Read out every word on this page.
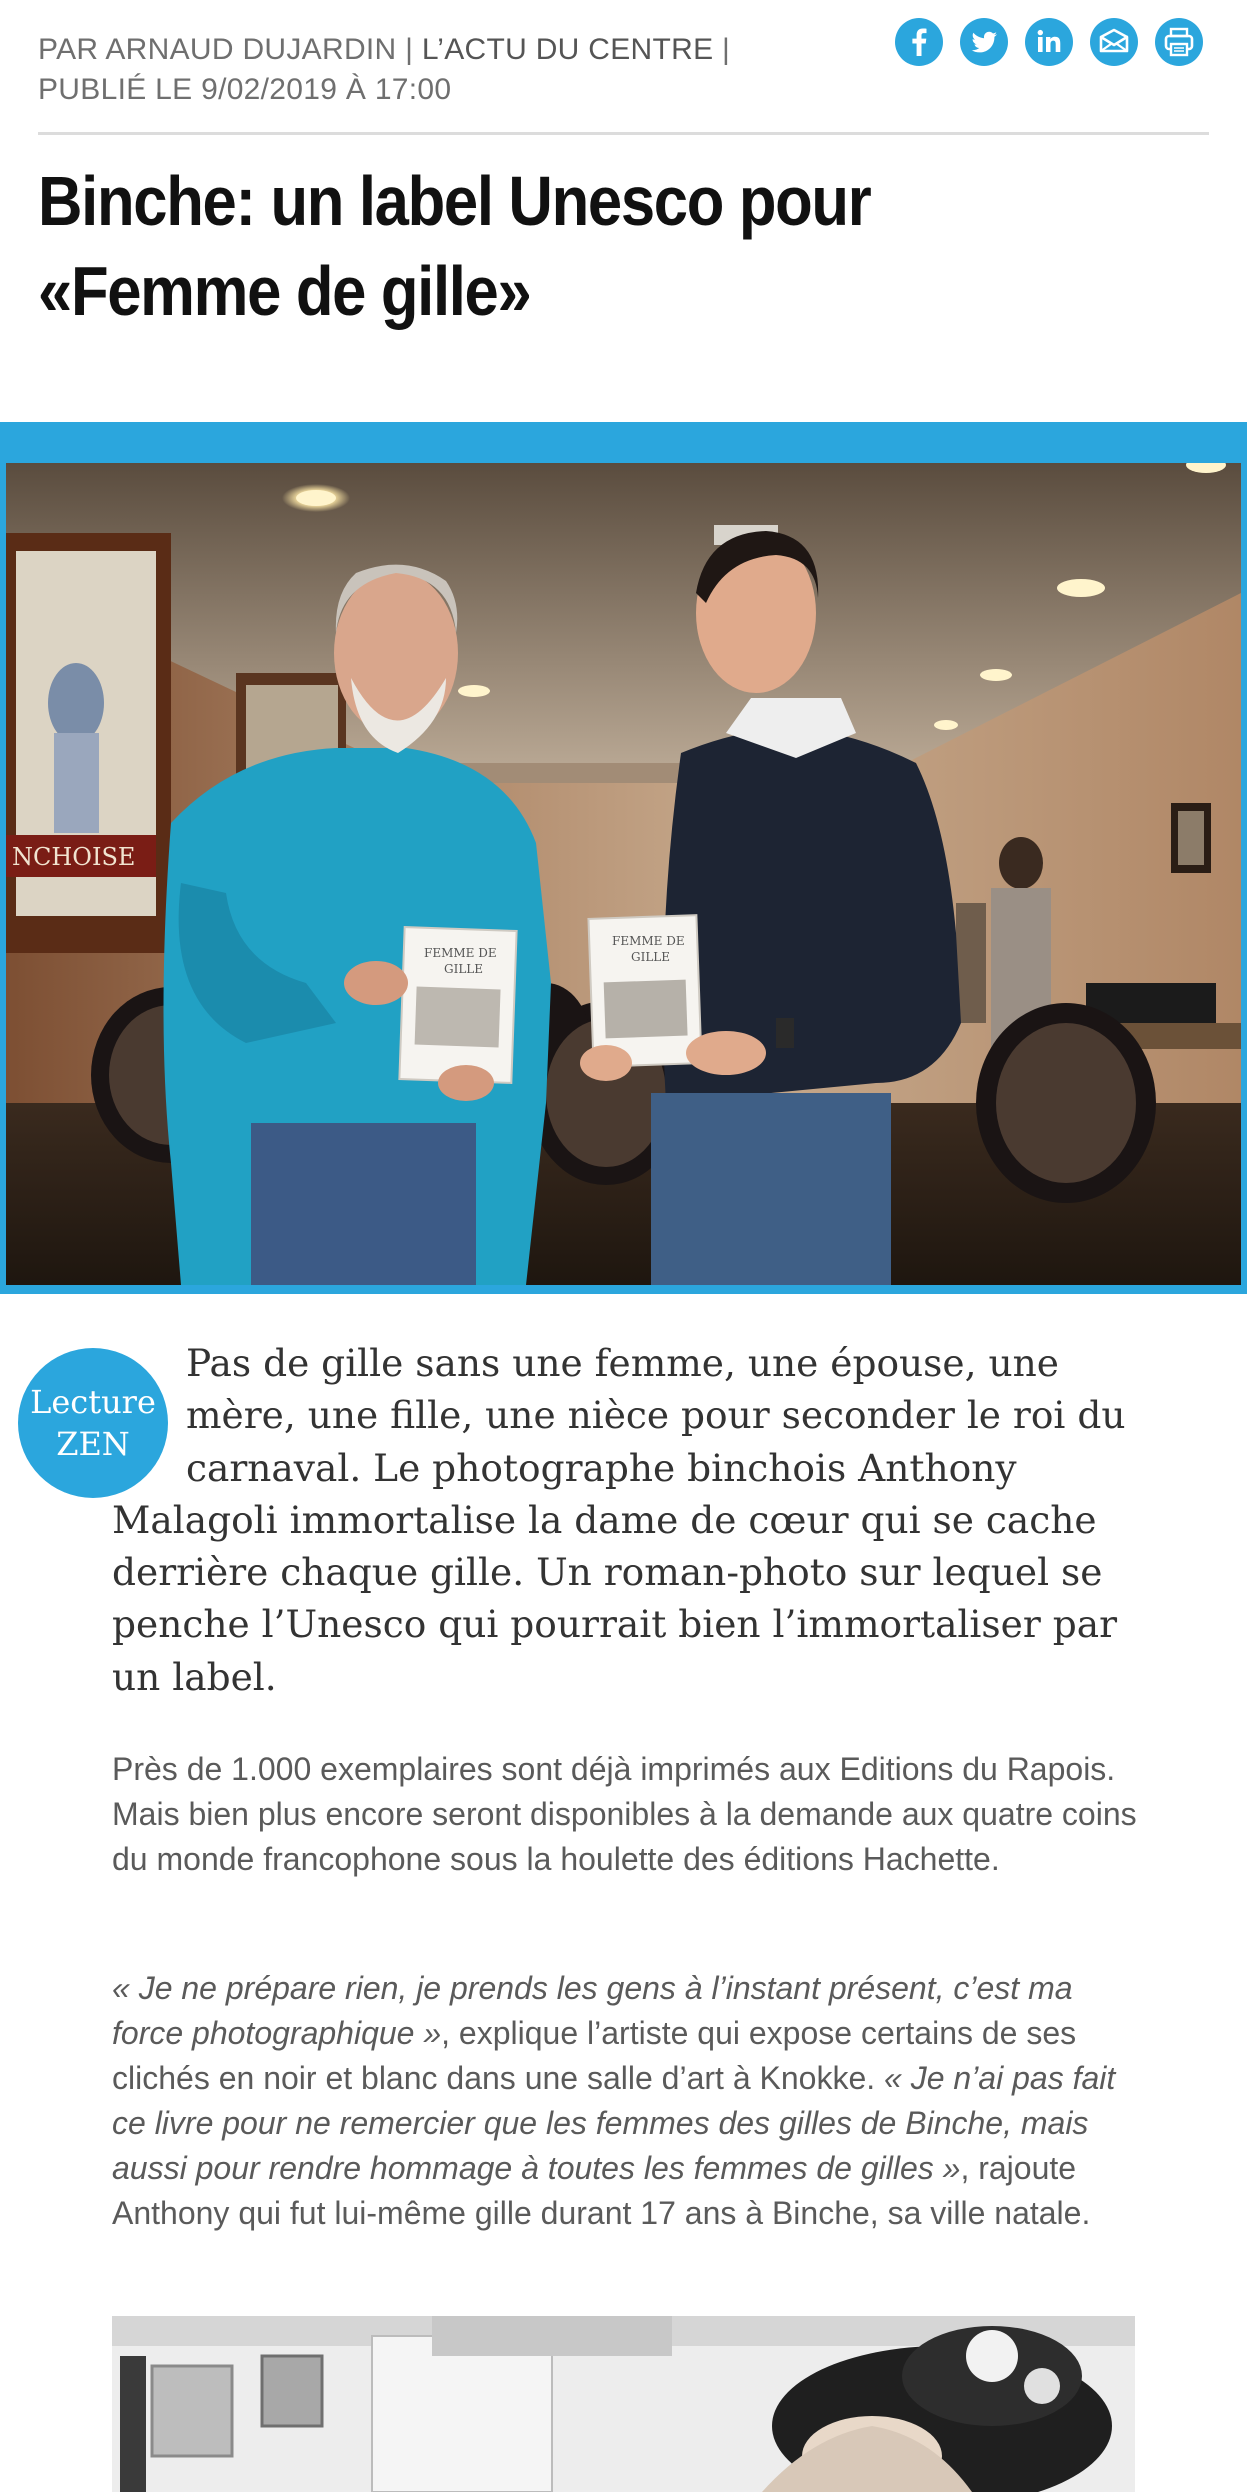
PAR ARNAUD DUJARDIN | L’ACTU DU CENTRE |
PUBLIÉ LE 9/02/2019 À 17:00
Binche: un label Unesco pour
«Femme de gille»
NCHOISE
FEMME DE
GILLE
FEMME DE
GILLE
Lecture
ZEN

Pas de gille sans une femme, une épouse, une mère, une fille, une nièce pour seconder le roi du carnaval. Le photographe binchois Anthony Malagoli immortalise la dame de cœur qui se cache derrière chaque gille. Un roman-photo sur lequel se penche l’Unesco qui pourrait bien l’immortaliser par un label.

Près de 1.000 exemplaires sont déjà imprimés aux Editions du Rapois. Mais bien plus encore seront disponibles à la demande aux quatre coins du monde francophone sous la houlette des éditions Hachette.

« Je ne prépare rien, je prends les gens à l’instant présent, c’est ma force photographique », explique l’artiste qui expose certains de ses clichés en noir et blanc dans une salle d’art à Knokke. « Je n’ai pas fait ce livre pour ne remercier que les femmes des gilles de Binche, mais aussi pour rendre hommage à toutes les femmes de gilles », rajoute Anthony qui fut lui-même gille durant 17 ans à Binche, sa ville natale.
